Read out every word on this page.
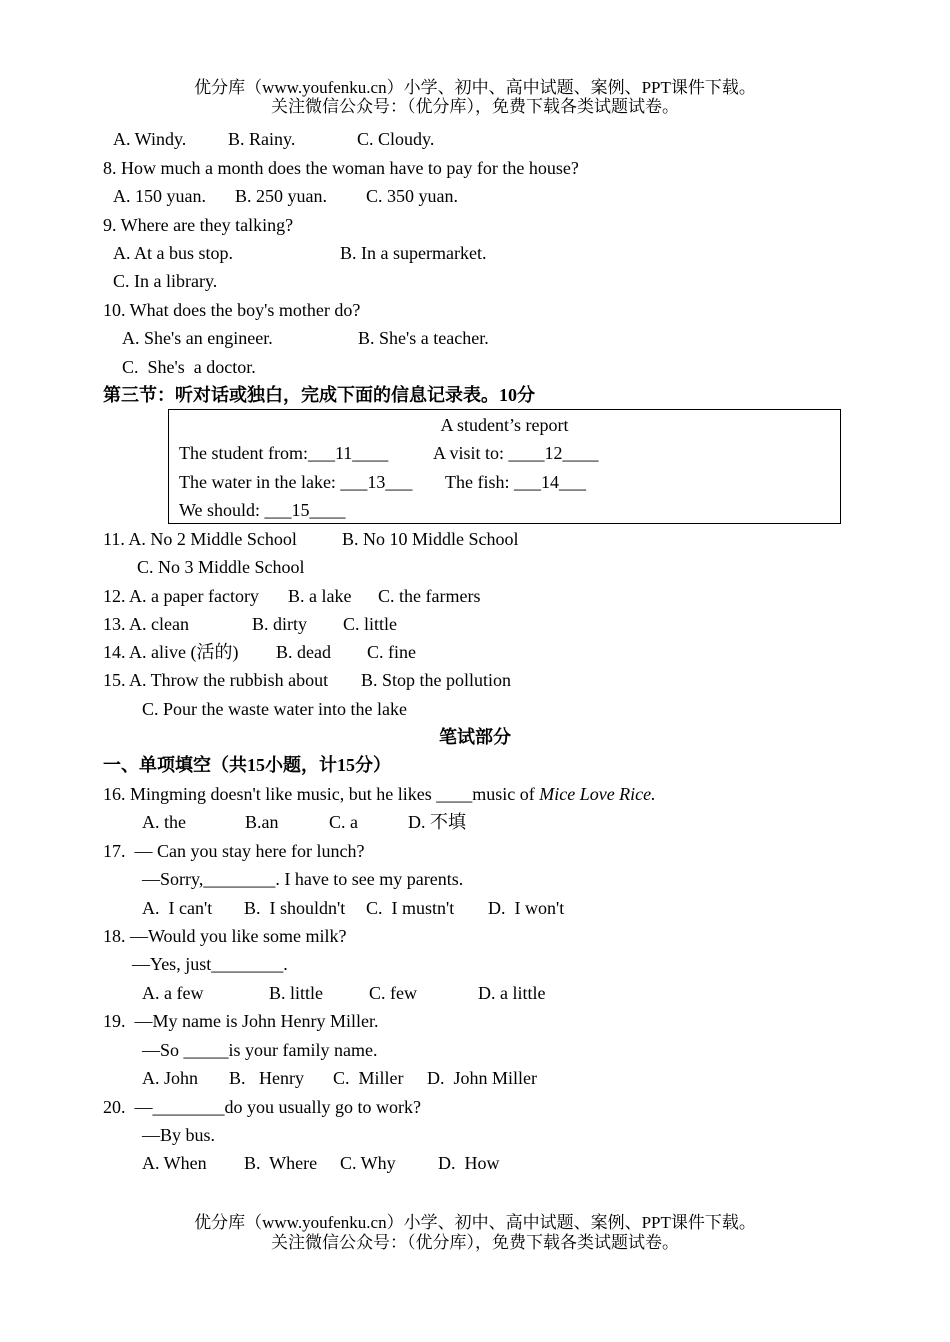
优分库（www.youfenku.cn）小学、初中、高中试题、案例、PPT课件下载。
关注微信公众号：（优分库），免费下载各类试题试卷。
A. Windy. B. Rainy.	C. Cloudy.
8. How much a month does the woman have to pay for the house?
A. 150 yuan. B. 250 yuan. C. 350 yuan.
9. Where are they talking?
A. At a bus stop.	B. In a supermarket.
C. In a library.
10. What does the boy's mother do?
A. She's an engineer.	B. She's a teacher.
C.  She's  a doctor.
第三节：听对话或独白，完成下面的信息记录表。10分
A student’s report
The student from:___11____ A visit to: ____12____
The water in the lake: ___13___ The fish: ___14___
We should: ___15____
11. A. No 2 Middle School	B. No 10 Middle School
C. No 3 Middle School
12. A. a paper factory B. a lake C. the farmers
13. A. clean	B. dirty C. little
14. A. alive (活的) B. dead C. fine
15. A. Throw the rubbish about B. Stop the pollution
C. Pour the waste water into the lake
笔试部分
一、单项填空（共15小题，计15分）
16. Mingming doesn't like music, but he likes ____music of Mice Love Rice.
A. the	B.an	C. a	D. 不填
17.  — Can you stay here for lunch?
—Sorry,________. I have to see my parents.
A.  I can't B.  I shouldn't C.  I mustn't D.  I won't
18. —Would you like some milk?
—Yes, just________.
A. a few	B. little	C. few	D. a little
19.  —My name is John Henry Miller.
—So _____is your family name.
A. John B.   Henry C.  Miller D.  John Miller
20.  —________do you usually go to work?
—By bus.
A. When B.  Where C. Why D.  How
优分库（www.youfenku.cn）小学、初中、高中试题、案例、PPT课件下载。
关注微信公众号：（优分库），免费下载各类试题试卷。
